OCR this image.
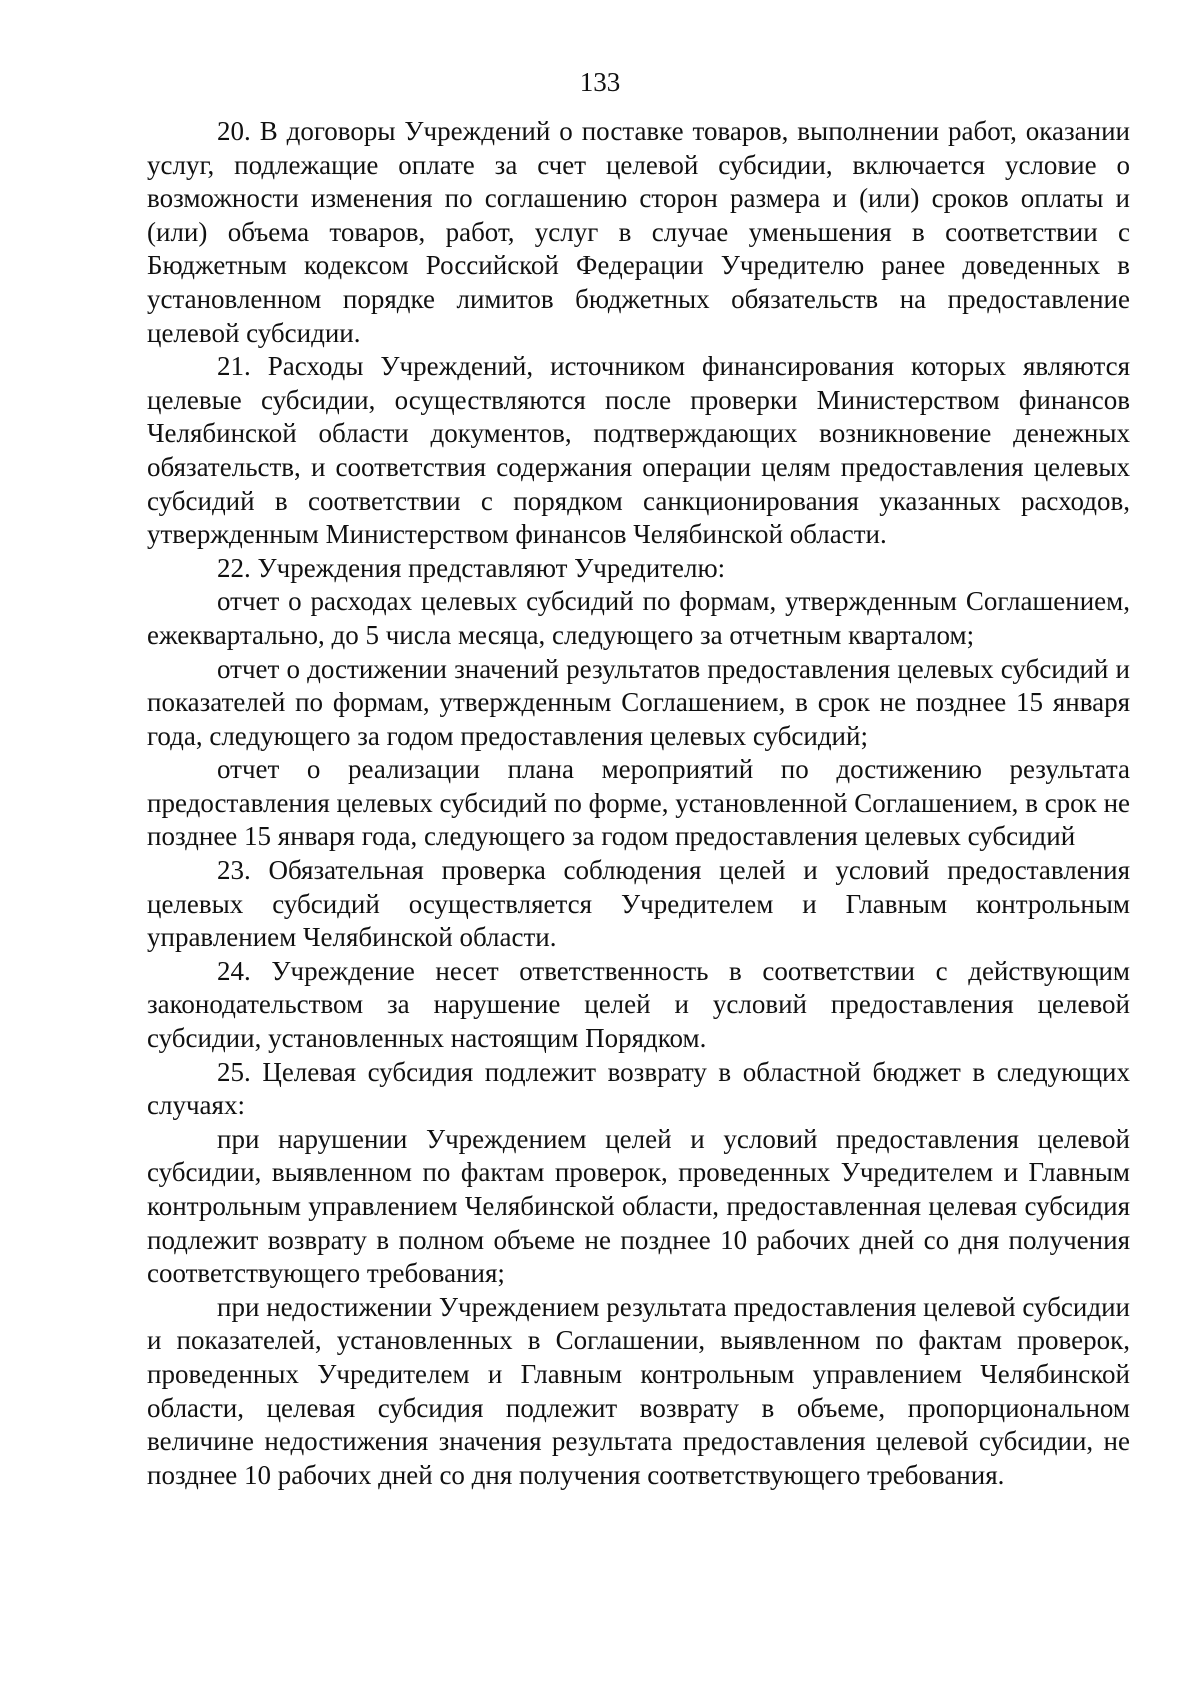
133

20. В договоры Учреждений о поставке товаров, выполнении работ, оказании услуг, подлежащие оплате за счет целевой субсидии, включается условие о возможности изменения по соглашению сторон размера и (или) сроков оплаты и (или) объема товаров, работ, услуг в случае уменьшения в соответствии с Бюджетным кодексом Российской Федерации Учредителю ранее доведенных в установленном порядке лимитов бюджетных обязательств на предоставление целевой субсидии.

21. Расходы Учреждений, источником финансирования которых являются целевые субсидии, осуществляются после проверки Министерством финансов Челябинской области документов, подтверждающих возникновение денежных обязательств, и соответствия содержания операции целям предоставления целевых субсидий в соответствии с порядком санкционирования указанных расходов, утвержденным Министерством финансов Челябинской области.

22. Учреждения представляют Учредителю:

отчет о расходах целевых субсидий по формам, утвержденным Соглашением, ежеквартально, до 5 числа месяца, следующего за отчетным кварталом;

отчет о достижении значений результатов предоставления целевых субсидий и показателей по формам, утвержденным Соглашением, в срок не позднее 15 января года, следующего за годом предоставления целевых субсидий;

отчет о реализации плана мероприятий по достижению результата предоставления целевых субсидий по форме, установленной Соглашением, в срок не позднее 15 января года, следующего за годом предоставления целевых субсидий

23. Обязательная проверка соблюдения целей и условий предоставления целевых субсидий осуществляется Учредителем и Главным контрольным управлением Челябинской области.

24. Учреждение несет ответственность в соответствии с действующим законодательством за нарушение целей и условий предоставления целевой субсидии, установленных настоящим Порядком.

25. Целевая субсидия подлежит возврату в областной бюджет в следующих случаях:

при нарушении Учреждением целей и условий предоставления целевой субсидии, выявленном по фактам проверок, проведенных Учредителем и Главным контрольным управлением Челябинской области, предоставленная целевая субсидия подлежит возврату в полном объеме не позднее 10 рабочих дней со дня получения соответствующего требования;

при недостижении Учреждением результата предоставления целевой субсидии и показателей, установленных в Соглашении, выявленном по фактам проверок, проведенных Учредителем и Главным контрольным управлением Челябинской области, целевая субсидия подлежит возврату в объеме, пропорциональном величине недостижения значения результата предоставления целевой субсидии, не позднее 10 рабочих дней со дня получения соответствующего требования.
